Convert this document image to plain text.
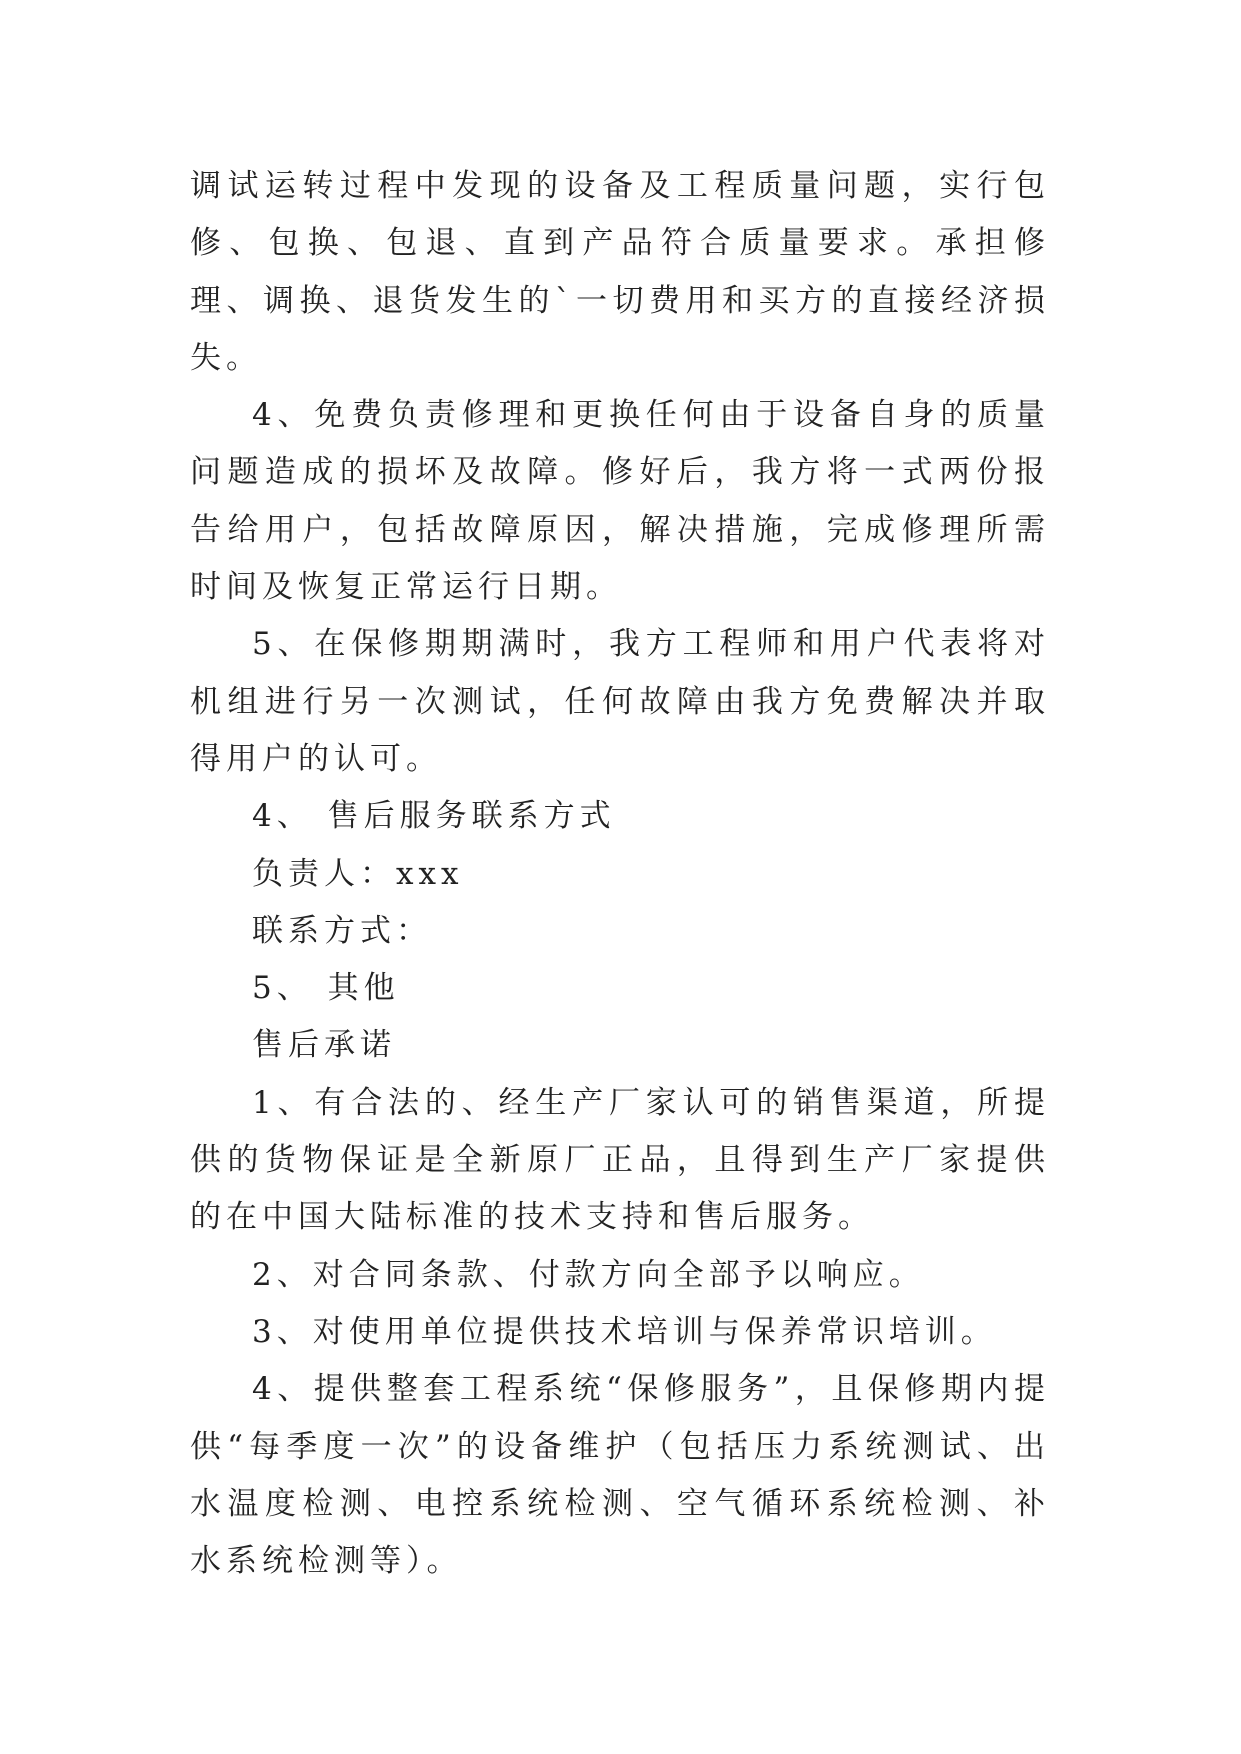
调试运转过程中发现的设备及工程质量问题，实行包修、包换、包退、直到产品符合质量要求。承担修理、调换、退货发生的`一切费用和买方的直接经济损失。

4、免费负责修理和更换任何由于设备自身的质量问题造成的损坏及故障。修好后，我方将一式两份报告给用户，包括故障原因，解决措施，完成修理所需时间及恢复正常运行日期。

5、在保修期期满时，我方工程师和用户代表将对机组进行另一次测试，任何故障由我方免费解决并取得用户的认可。

4、 售后服务联系方式

负责人：xxx

联系方式：

5、 其他

售后承诺

1、有合法的、经生产厂家认可的销售渠道，所提供的货物保证是全新原厂正品，且得到生产厂家提供的在中国大陆标准的技术支持和售后服务。

2、对合同条款、付款方向全部予以响应。

3、对使用单位提供技术培训与保养常识培训。

4、提供整套工程系统“保修服务”，且保修期内提供“每季度一次”的设备维护（包括压力系统测试、出水温度检测、电控系统检测、空气循环系统检测、补水系统检测等）。
